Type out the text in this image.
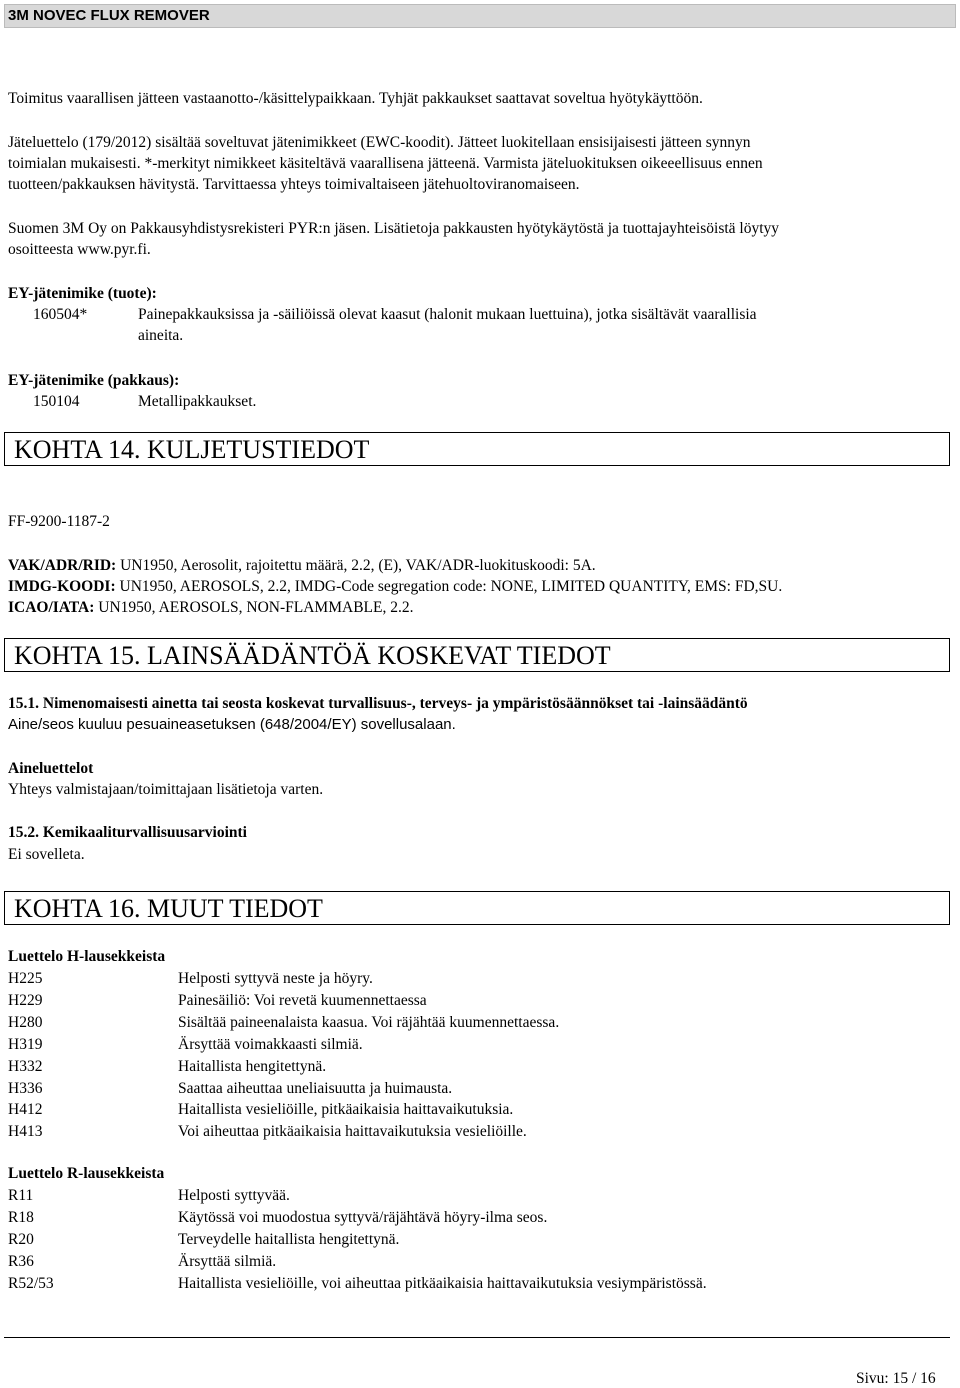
3M NOVEC FLUX REMOVER
Toimitus vaarallisen jätteen vastaanotto-/käsittelypaikkaan. Tyhjät pakkaukset saattavat soveltua hyötykäyttöön.
Jäteluettelo (179/2012) sisältää soveltuvat jätenimikkeet (EWC-koodit). Jätteet luokitellaan ensisijaisesti jätteen synnyn
toimialan mukaisesti. *-merkityt nimikkeet käsiteltävä vaarallisena jätteenä. Varmista jäteluokituksen oikeeellisuus ennen
tuotteen/pakkauksen hävitystä. Tarvittaessa yhteys toimivaltaiseen jätehuoltoviranomaiseen.
Suomen 3M Oy on Pakkausyhdistysrekisteri PYR:n jäsen. Lisätietoja pakkausten hyötykäytöstä ja tuottajayhteisöistä löytyy
osoitteesta www.pyr.fi.
EY-jätenimike (tuote):
160504*	Painepakkauksissa ja -säiliöissä olevat kaasut (halonit mukaan luettuina), jotka sisältävät vaarallisia
aineita.
EY-jätenimike (pakkaus):
150104	Metallipakkaukset.
KOHTA 14. KULJETUSTIEDOT
FF-9200-1187-2
VAK/ADR/RID: UN1950, Aerosolit, rajoitettu määrä, 2.2, (E), VAK/ADR-luokituskoodi: 5A.
IMDG-KOODI: UN1950, AEROSOLS, 2.2, IMDG-Code segregation code: NONE, LIMITED QUANTITY, EMS: FD,SU.
ICAO/IATA: UN1950, AEROSOLS, NON-FLAMMABLE, 2.2.
KOHTA 15. LAINSÄÄDÄNTÖÄ KOSKEVAT TIEDOT
15.1. Nimenomaisesti ainetta tai seosta koskevat turvallisuus-, terveys- ja ympäristösäännökset tai -lainsäädäntö
Aine/seos kuuluu pesuaineasetuksen (648/2004/EY) sovellusalaan.
Aineluettelot
Yhteys valmistajaan/toimittajaan lisätietoja varten.
15.2. Kemikaaliturvallisuusarviointi
Ei sovelleta.
KOHTA 16. MUUT TIEDOT
Luettelo H-lausekkeista
H225	Helposti syttyvä neste ja höyry.
H229	Painesäiliö: Voi revetä kuumennettaessa
H280	Sisältää paineenalaista kaasua. Voi räjähtää kuumennettaessa.
H319	Ärsyttää voimakkaasti silmiä.
H332	Haitallista hengitettynä.
H336	Saattaa aiheuttaa uneliaisuutta ja huimausta.
H412	Haitallista vesieliöille, pitkäaikaisia haittavaikutuksia.
H413	Voi aiheuttaa pitkäaikaisia haittavaikutuksia vesieliöille.
Luettelo R-lausekkeista
R11	Helposti syttyvää.
R18	Käytössä voi muodostua syttyvä/räjähtävä höyry-ilma seos.
R20	Terveydelle haitallista hengitettynä.
R36	Ärsyttää silmiä.
R52/53	Haitallista vesieliöille, voi aiheuttaa pitkäaikaisia haittavaikutuksia vesiympäristössä.
Sivu: 15 / 16
